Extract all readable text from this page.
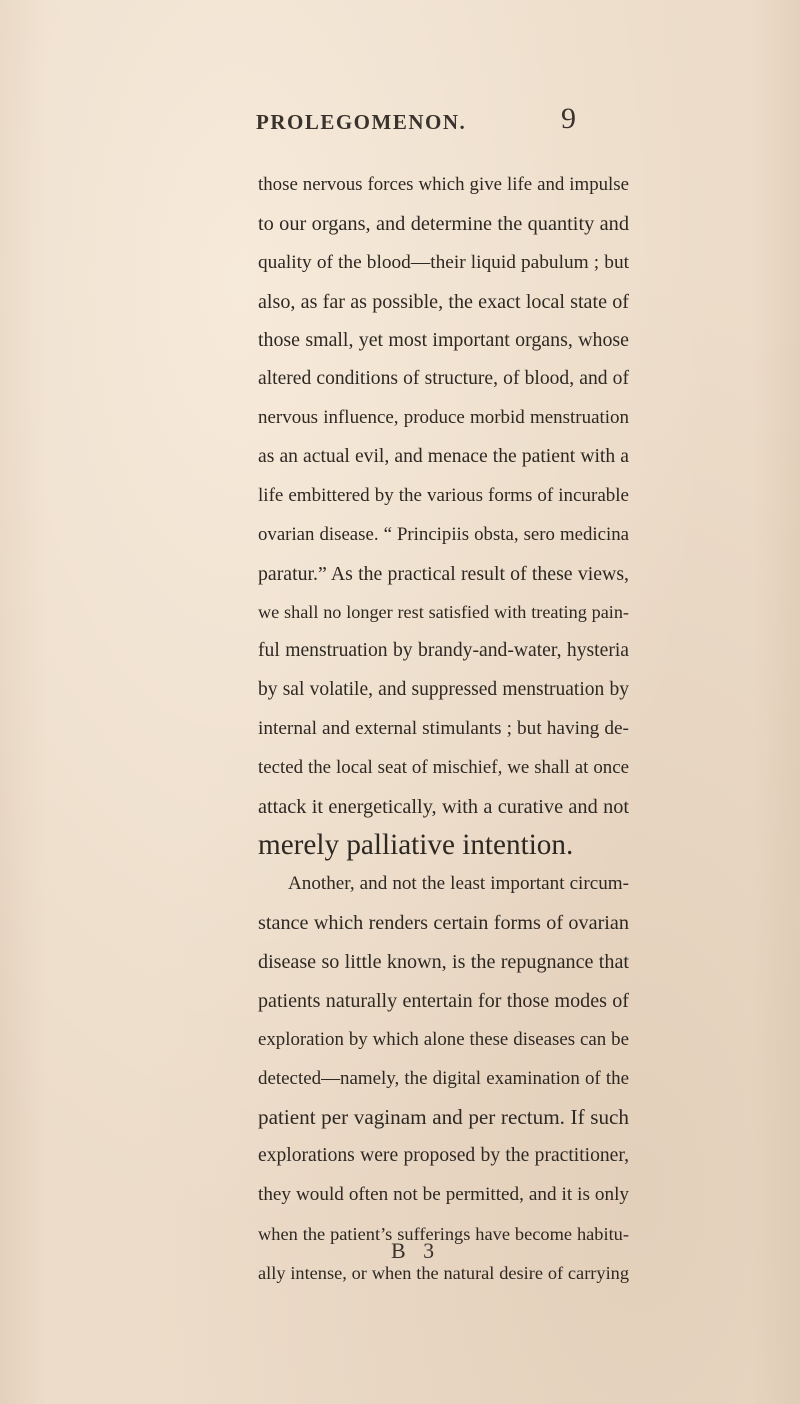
PROLEGOMENON.	9
those nervous forces which give life and impulse
to our organs, and determine the quantity and
quality of the blood—their liquid pabulum ; but
also, as far as possible, the exact local state of
those small, yet most important organs, whose
altered conditions of structure, of blood, and of
nervous influence, produce morbid menstruation
as an actual evil, and menace the patient with a
life embittered by the various forms of incurable
ovarian disease. “ Principiis obsta, sero medicina
paratur.” As the practical result of these views,
we shall no longer rest satisfied with treating pain-
ful menstruation by brandy-and-water, hysteria
by sal volatile, and suppressed menstruation by
internal and external stimulants ; but having de-
tected the local seat of mischief, we shall at once
attack it energetically, with a curative and not
merely palliative intention.
Another, and not the least important circum-
stance which renders certain forms of ovarian
disease so little known, is the repugnance that
patients naturally entertain for those modes of
exploration by which alone these diseases can be
detected—namely, the digital examination of the
patient per vaginam and per rectum. If such
explorations were proposed by the practitioner,
they would often not be permitted, and it is only
when the patient’s sufferings have become habitu-
ally intense, or when the natural desire of carrying
B 3
